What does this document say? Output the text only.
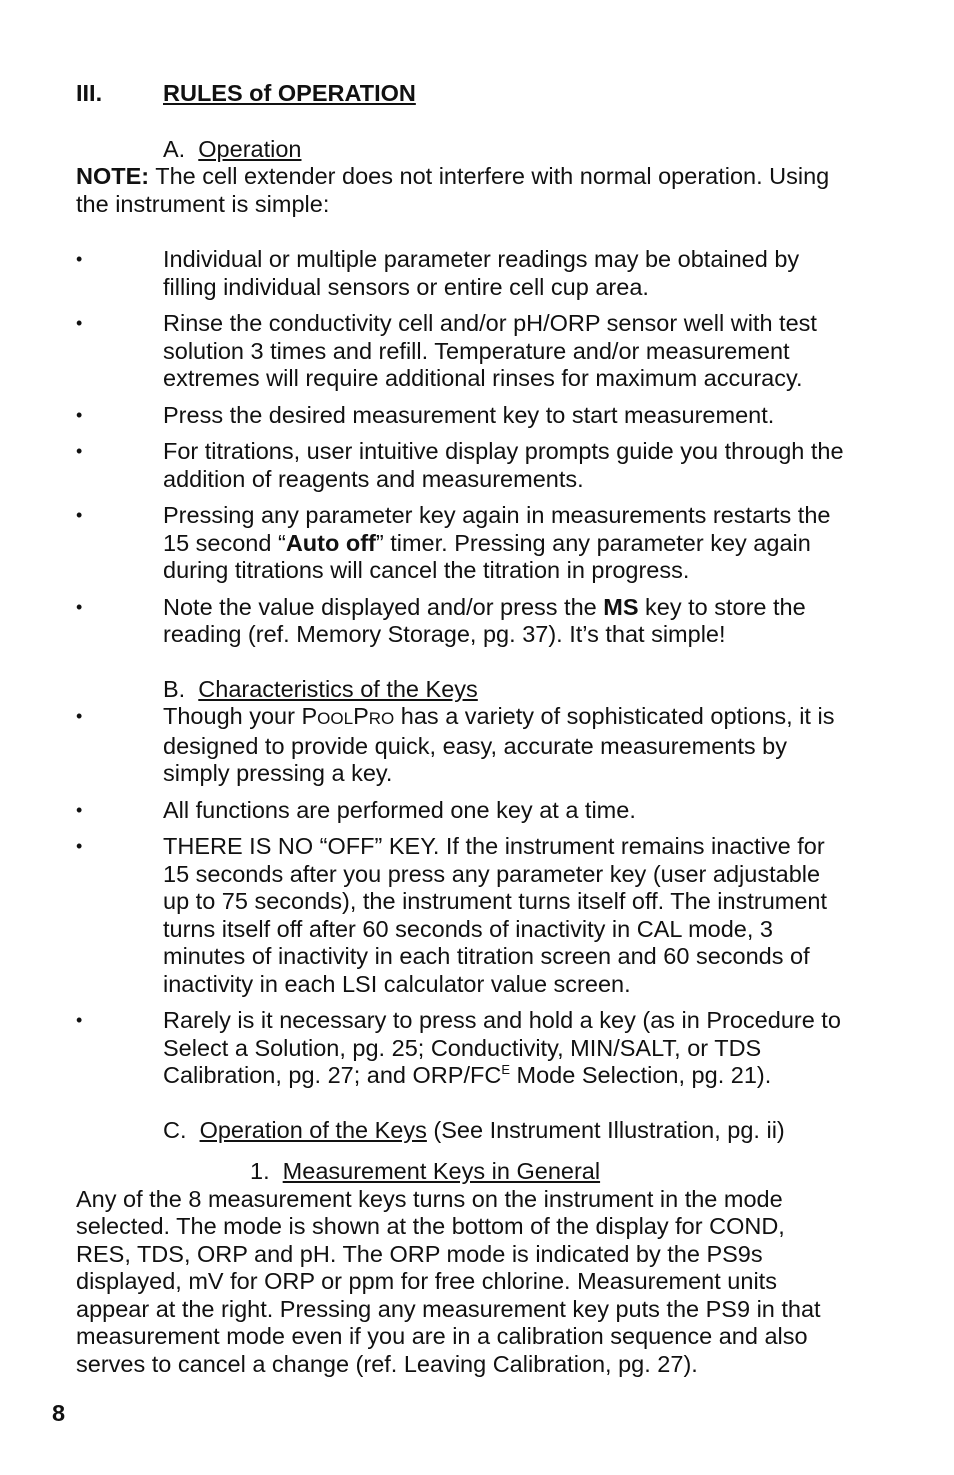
III.	RULES of OPERATION
A. Operation
NOTE: The cell extender does not interfere with normal operation. Using the instrument is simple:
•	Individual or multiple parameter readings may be obtained by filling individual sensors or entire cell cup area.
•	Rinse the conductivity cell and/or pH/ORP sensor well with test solution 3 times and refill. Temperature and/or measurement extremes will require additional rinses for maximum accuracy.
•	Press the desired measurement key to start measurement.
•	For titrations, user intuitive display prompts guide you through the addition of reagents and measurements.
•	Pressing any parameter key again in measurements restarts the 15 second “Auto off” timer. Pressing any parameter key again during titrations will cancel the titration in progress.
•	Note the value displayed and/or press the MS key to store the reading (ref. Memory Storage, pg. 37). It’s that simple!
B. Characteristics of the Keys
•	Though your POOLPRO has a variety of sophisticated options, it is designed to provide quick, easy, accurate measurements by simply pressing a key.
•	All functions are performed one key at a time.
•	THERE IS NO “OFF” KEY. If the instrument remains inactive for 15 seconds after you press any parameter key (user adjustable up to 75 seconds), the instrument turns itself off. The instrument turns itself off after 60 seconds of inactivity in CAL mode, 3 minutes of inactivity in each titration screen and 60 seconds of inactivity in each LSI calculator value screen.
•	Rarely is it necessary to press and hold a key (as in Procedure to Select a Solution, pg. 25; Conductivity, MIN/SALT, or TDS Calibration, pg. 27; and ORP/$FC^E$ Mode Selection, pg. 21).
C. Operation of the Keys (See Instrument Illustration, pg. ii)
1. Measurement Keys in General
Any of the 8 measurement keys turns on the instrument in the mode selected. The mode is shown at the bottom of the display for COND, RES, TDS, ORP and pH. The ORP mode is indicated by the PS9s displayed, mV for ORP or ppm for free chlorine. Measurement units appear at the right. Pressing any measurement key puts the PS9 in that measurement mode even if you are in a calibration sequence and also serves to cancel a change (ref. Leaving Calibration, pg. 27).
8
